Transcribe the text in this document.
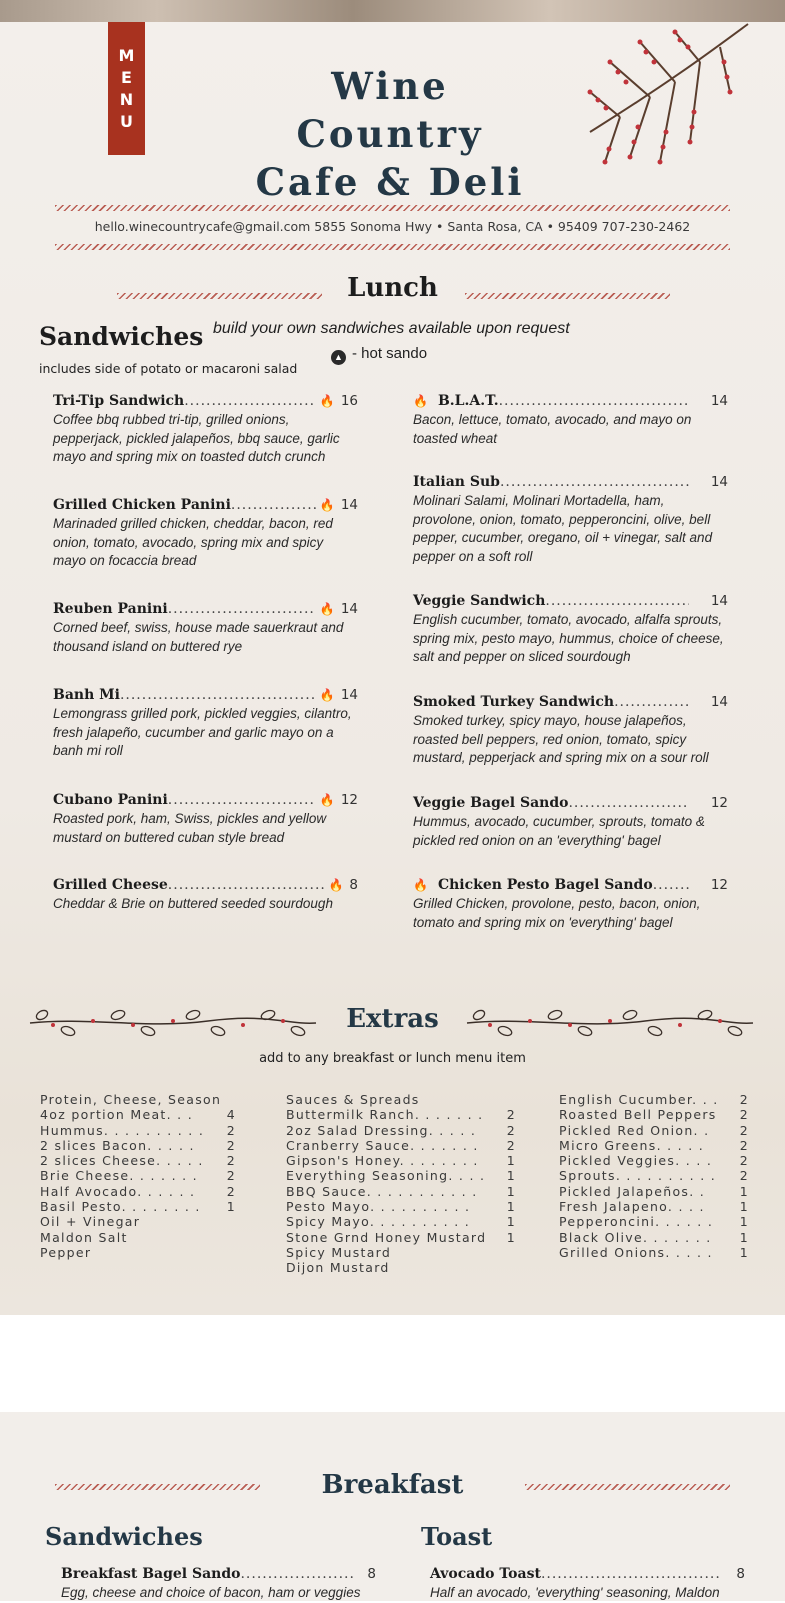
M
E
N
U
Wine Country
Cafe & Deli
hello.winecountrycafe@gmail.com 5855 Sonoma Hwy • Santa Rosa, CA • 95409 707-230-2462
Lunch
Sandwiches
includes side of potato or macaroni salad
build your own sandwiches available upon request
▲ - hot sando
Tri-Tip Sandwich .....	🔥 16
Coffee bbq rubbed tri-tip, grilled onions, pepperjack, pickled jalapeños, bbq sauce, garlic mayo and spring mix on toasted dutch crunch
Grilled Chicken Panini .....	🔥 14
Marinaded grilled chicken, cheddar, bacon, red onion, tomato, avocado, spring mix and spicy mayo on focaccia bread
Reuben Panini .....	🔥 14
Corned beef, swiss, house made sauerkraut and thousand island on buttered rye
Banh Mi .....	🔥 14
Lemongrass grilled pork, pickled veggies, cilantro, fresh jalapeño, cucumber and garlic mayo on a banh mi roll
Cubano Panini .....	🔥 12
Roasted pork, ham, Swiss, pickles and yellow mustard on buttered cuban style bread
Grilled Cheese .....	🔥 8
Cheddar & Brie on buttered seeded sourdough
🔥 B.L.A.T. .....	14
Bacon, lettuce, tomato, avocado, and mayo on toasted wheat
Italian Sub .....	14
Molinari Salami, Molinari Mortadella, ham, provolone, onion, tomato, pepperoncini, olive, bell pepper, cucumber, oregano, oil + vinegar, salt and pepper on a soft roll
Veggie Sandwich .....	14
English cucumber, tomato, avocado, alfalfa sprouts, spring mix, pesto mayo, hummus, choice of cheese, salt and pepper on sliced sourdough
Smoked Turkey Sandwich .....	14
Smoked turkey, spicy mayo, house jalapeños, roasted bell peppers, red onion, tomato, spicy mustard, pepperjack and spring mix on a sour roll
Veggie Bagel Sando .....	12
Hummus, avocado, cucumber, sprouts, tomato & pickled red onion on an 'everything' bagel
🔥 Chicken Pesto Bagel Sando .....	12
Grilled Chicken, provolone, pesto, bacon, onion, tomato and spring mix on 'everything' bagel
Extras
add to any breakfast or lunch menu item
Protein, Cheese, Season
4oz portion Meat. . .	4
Hummus. . . . . . . . . .	2
2 slices Bacon. . . . .	2
2 slices Cheese. . . . .	2
Brie Cheese. . . . . . .	2
Half Avocado. . . . . .	2
Basil Pesto. . . . . . . .	1
Oil + Vinegar
Maldon Salt
Pepper
Sauces & Spreads
Buttermilk Ranch. . . . . . .	2
2oz Salad Dressing. . . . .	2
Cranberry Sauce. . . . . . .	2
Gipson's Honey. . . . . . . .	1
Everything Seasoning. . . .	1
BBQ Sauce. . . . . . . . . . .	1
Pesto Mayo. . . . . . . . . .	1
Spicy Mayo. . . . . . . . . .	1
Stone Grnd Honey Mustard	1
Spicy Mustard
Dijon Mustard
English Cucumber. . .	2
Roasted Bell Peppers	2
Pickled Red Onion. .	2
Micro Greens. . . . .	2
Pickled Veggies. . . .	2
Sprouts. . . . . . . . . .	2
Pickled Jalapeños. .	1
Fresh Jalapeno. . . .	1
Pepperoncini. . . . . .	1
Black Olive. . . . . . .	1
Grilled Onions. . . . .	1
Breakfast
Sandwiches	Toast
Breakfast Bagel Sando .....	8
Egg, cheese and choice of bacon, ham or veggies
Avocado Toast .....	8
Half an avocado, 'everything' seasoning, Maldon
